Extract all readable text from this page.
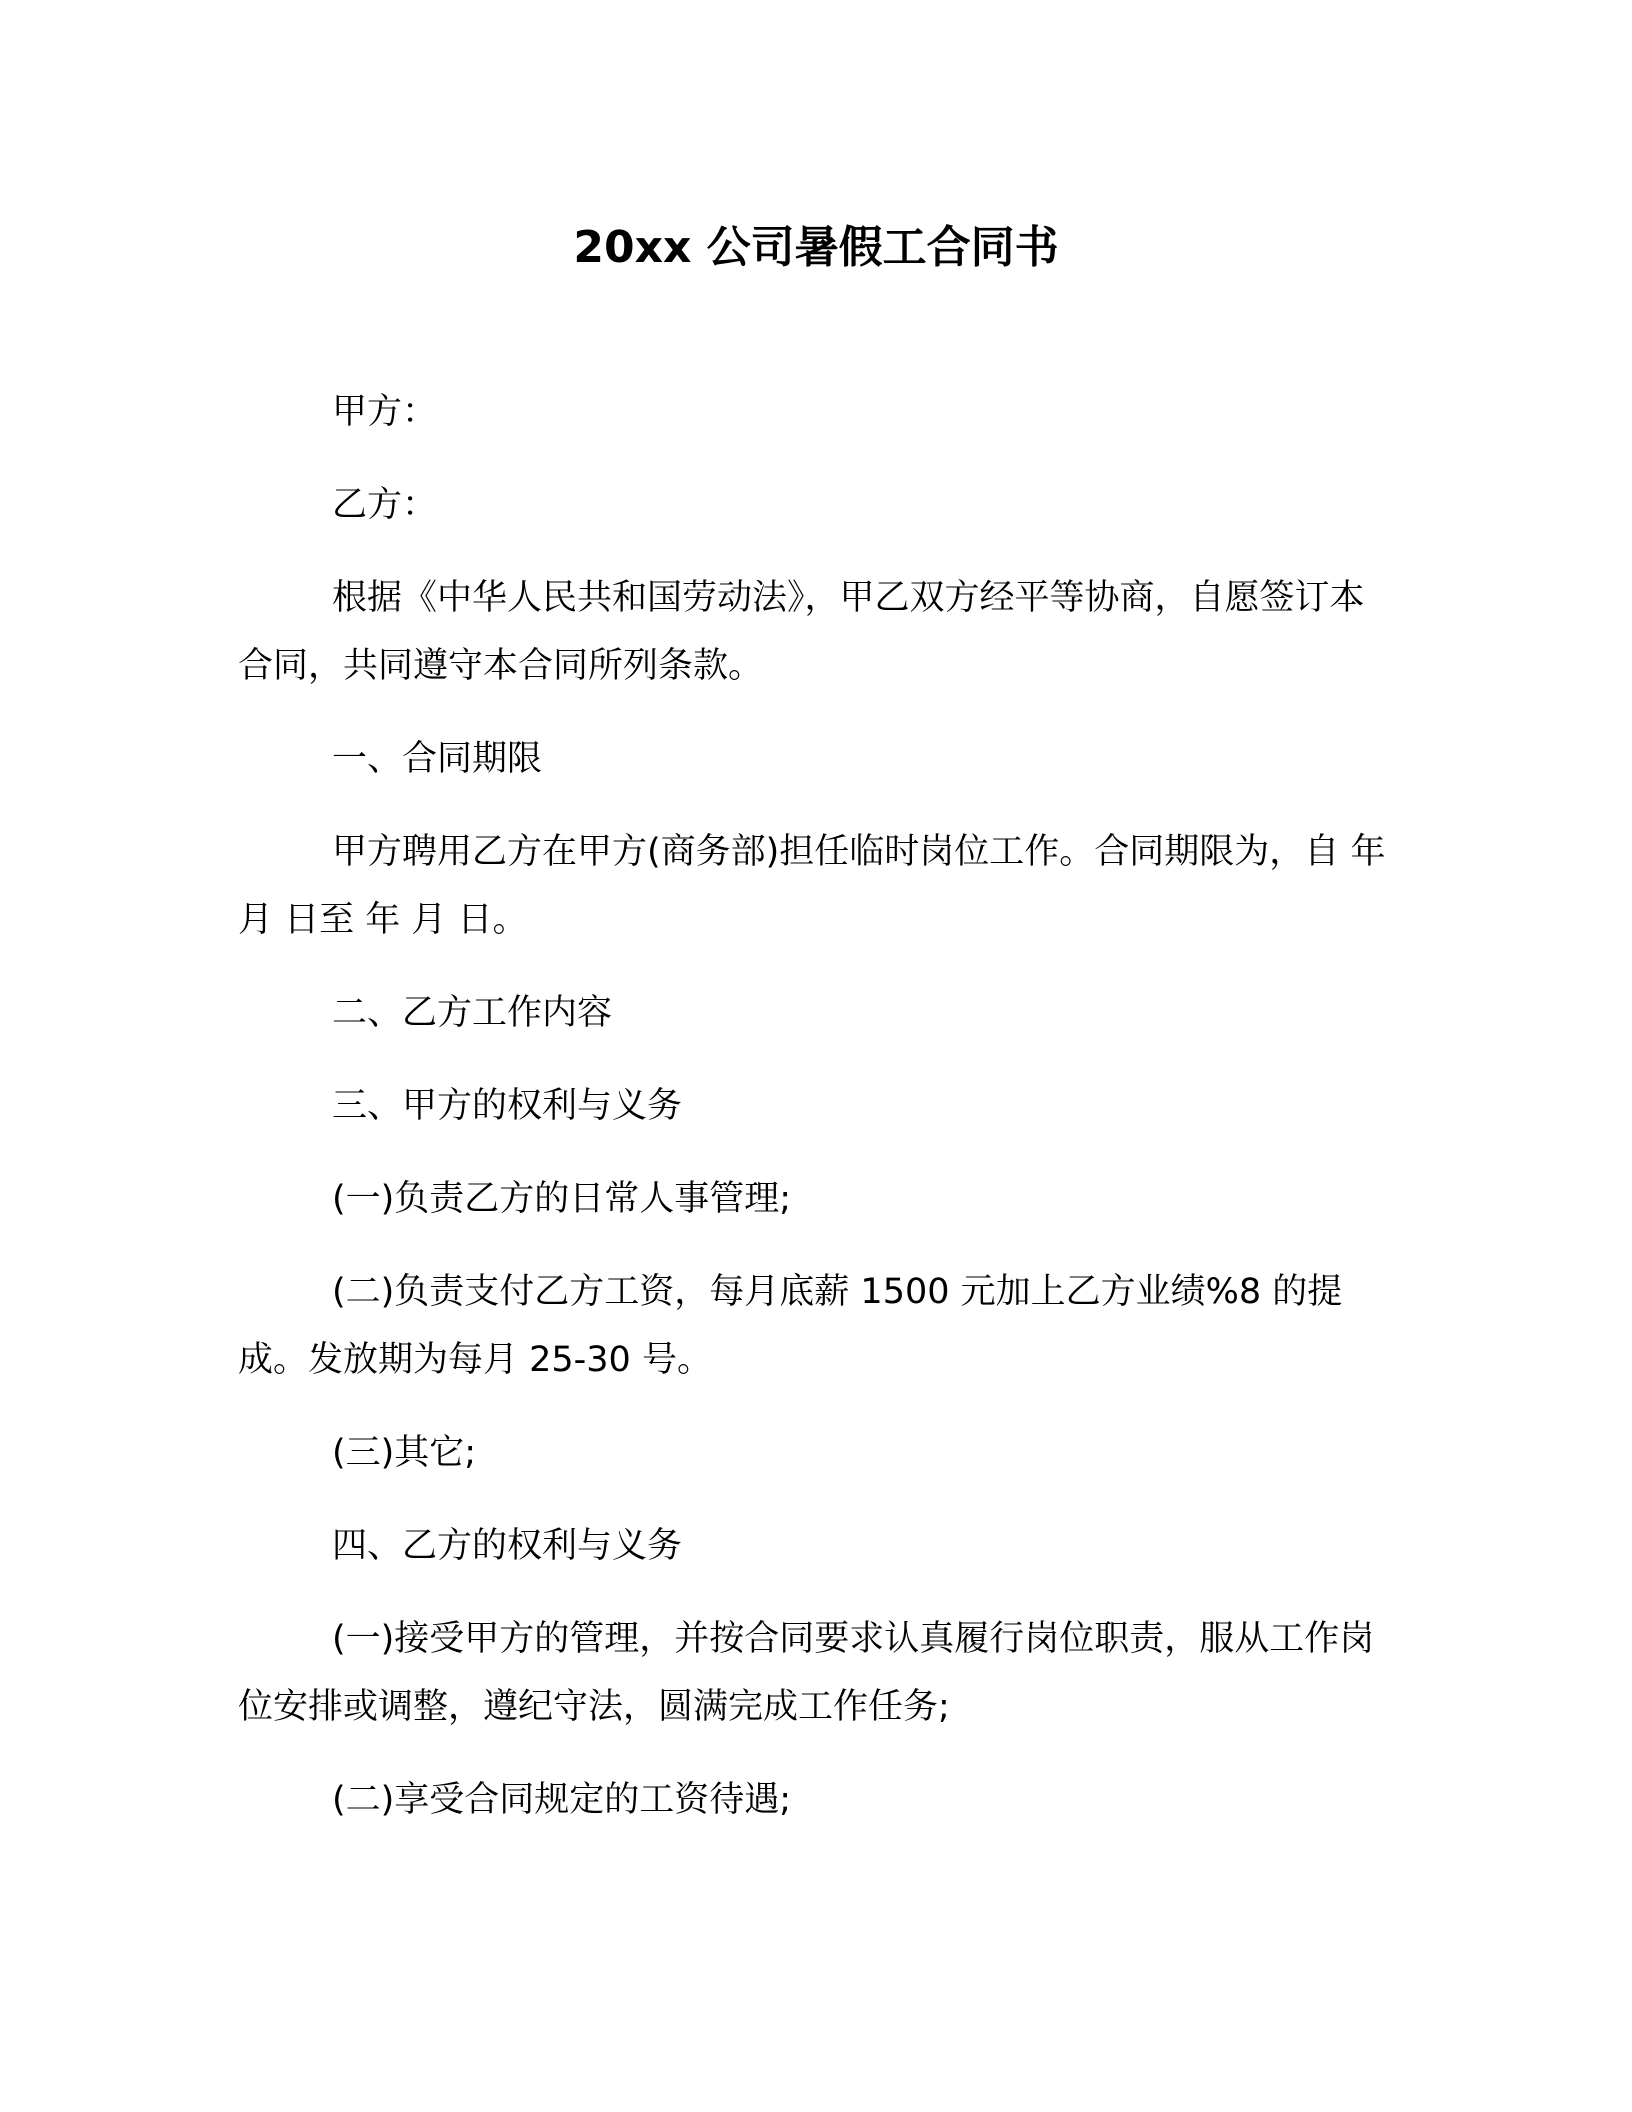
20xx 公司暑假工合同书

甲方：

乙方：

根据《中华人民共和国劳动法》，甲乙双方经平等协商，自愿签订本合同，共同遵守本合同所列条款。

一、合同期限

甲方聘用乙方在甲方(商务部)担任临时岗位工作。合同期限为，自 年 月 日至 年 月 日。

二、乙方工作内容

三、甲方的权利与义务

(一)负责乙方的日常人事管理;

(二)负责支付乙方工资，每月底薪 1500 元加上乙方业绩%8 的提成。发放期为每月 25-30 号。

(三)其它;

四、乙方的权利与义务

(一)接受甲方的管理，并按合同要求认真履行岗位职责，服从工作岗位安排或调整，遵纪守法，圆满完成工作任务;

(二)享受合同规定的工资待遇;
